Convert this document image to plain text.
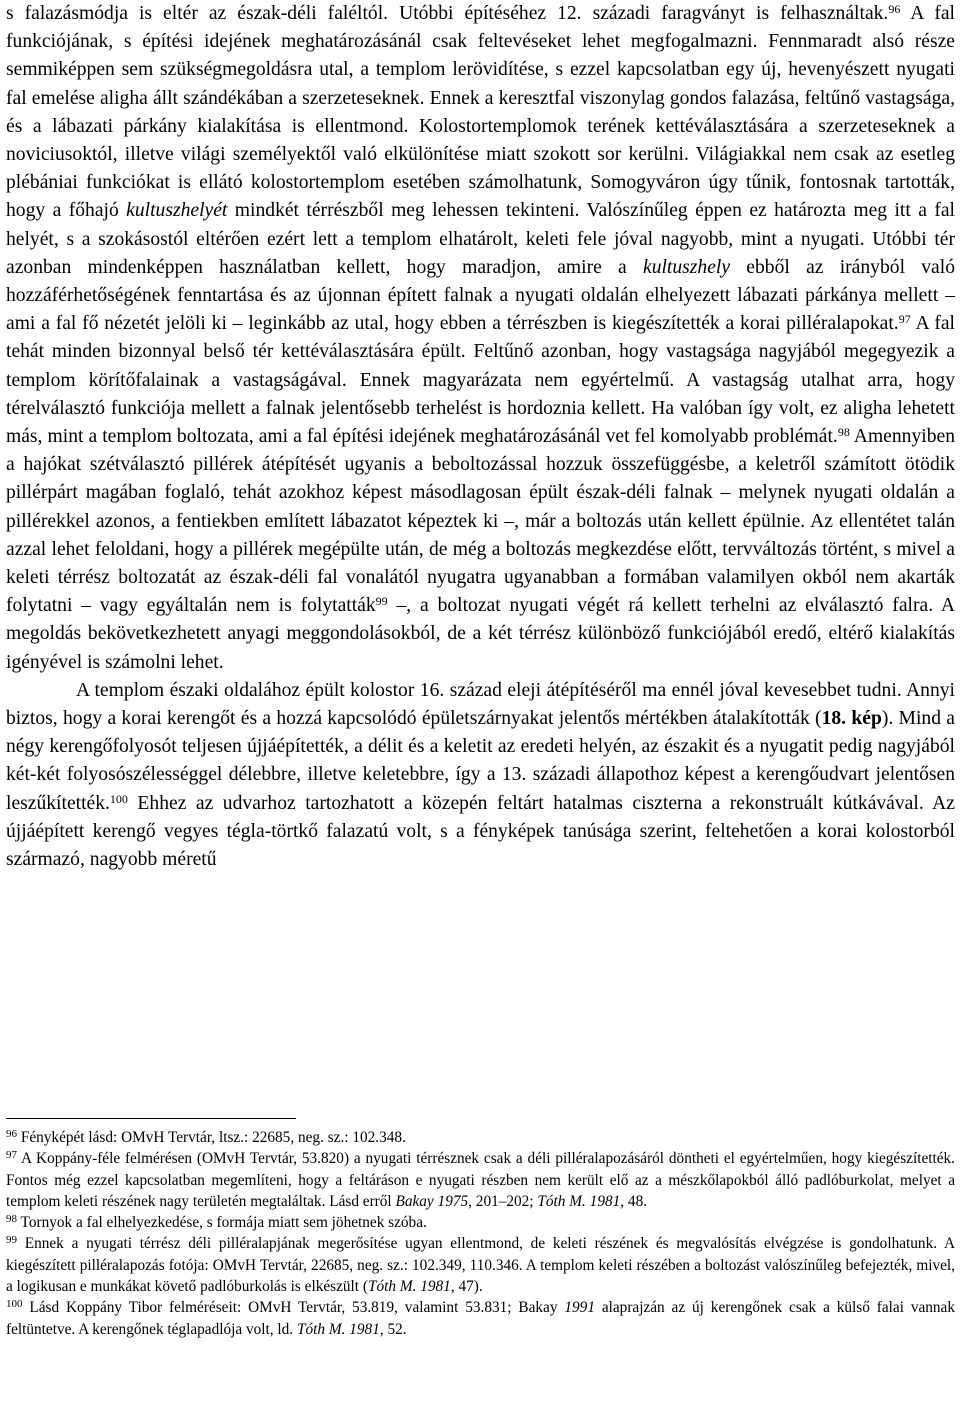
s falazásmódja is eltér az észak-déli faléltól. Utóbbi építéséhez 12. századi faragványt is felhasználtak.$^{96}$ A fal funkciójának, s építési idejének meghatározásánál csak feltevéseket lehet megfogalmazni. Fennmaradt alsó része semmiképpen sem szükségmegoldásra utal, a templom lerövidítése, s ezzel kapcsolatban egy új, hevenyészett nyugati fal emelése aligha állt szándékában a szerzeteseknek. Ennek a keresztfal viszonylag gondos falazása, feltűnő vastagsága, és a lábazati párkány kialakítása is ellentmond. Kolostortemplomok terének kettéválasztására a szerzeteseknek a noviciusoktól, illetve világi személyektől való elkülönítése miatt szokott sor kerülni. Világiakkal nem csak az esetleg plébániai funkciókat is ellátó kolostortemplom esetében számolhatunk, Somogyváron úgy tűnik, fontosnak tartották, hogy a főhajó kultuszhelyét mindkét térrészből meg lehessen tekinteni. Valószínűleg éppen ez határozta meg itt a fal helyét, s a szokásostól eltérően ezért lett a templom elhatárolt, keleti fele jóval nagyobb, mint a nyugati. Utóbbi tér azonban mindenképpen használatban kellett, hogy maradjon, amire a kultuszhely ebből az irányból való hozzáférhetőségének fenntartása és az újonnan épített falnak a nyugati oldalán elhelyezett lábazati párkánya mellett – ami a fal fő nézetét jelöli ki – leginkább az utal, hogy ebben a térrészben is kiegészítették a korai pilléralapokat.$^{97}$ A fal tehát minden bizonnyal belső tér kettéválasztására épült. Feltűnő azonban, hogy vastagsága nagyjából megegyezik a templom körítőfalainak a vastagságával. Ennek magyarázata nem egyértelmű. A vastagság utalhat arra, hogy térelválasztó funkciója mellett a falnak jelentősebb terhelést is hordoznia kellett. Ha valóban így volt, ez aligha lehetett más, mint a templom boltozata, ami a fal építési idejének meghatározásánál vet fel komolyabb problémát.$^{98}$ Amennyiben a hajókat szétválasztó pillérek átépítését ugyanis a beboltozással hozzuk összefüggésbe, a keletről számított ötödik pillérpárt magában foglaló, tehát azokhoz képest másodlagosan épült észak-déli falnak – melynek nyugati oldalán a pillérekkel azonos, a fentiekben említett lábazatot képeztek ki –, már a boltozás után kellett épülnie. Az ellentétet talán azzal lehet feloldani, hogy a pillérek megépülte után, de még a boltozás megkezdése előtt, tervváltozás történt, s mivel a keleti térrész boltozatát az észak-déli fal vonalától nyugatra ugyanabban a formában valamilyen okból nem akarták folytatni – vagy egyáltalán nem is folytatták$^{99}$ –, a boltozat nyugati végét rá kellett terhelni az elválasztó falra. A megoldás bekövetkezhetett anyagi meggondolásokból, de a két térrész különböző funkciójából eredő, eltérő kialakítás igényével is számolni lehet.

A templom északi oldalához épült kolostor 16. század eleji átépítéséről ma ennél jóval kevesebbet tudni. Annyi biztos, hogy a korai kerengőt és a hozzá kapcsolódó épületszárnyakat jelentős mértékben átalakították (18. kép). Mind a négy kerengőfolyosót teljesen újjáépítették, a délit és a keletit az eredeti helyén, az északit és a nyugatit pedig nagyjából két-két folyosószélességgel délebbre, illetve keletebbre, így a 13. századi állapothoz képest a kerengőudvart jelentősen leszűkítették.$^{100}$ Ehhez az udvarhoz tartozhatott a közepén feltárt hatalmas ciszterna a rekonstruált kútkávával. Az újjáépített kerengő vegyes tégla-törtkő falazatú volt, s a fényképek tanúsága szerint, feltehetően a korai kolostorból származó, nagyobb méretű

$^{96}$ Fényképét lásd: OMvH Tervtár, ltsz.: 22685, neg. sz.: 102.348.

$^{97}$ A Koppány-féle felmérésen (OMvH Tervtár, 53.820) a nyugati térrésznek csak a déli pilléralapozásáról döntheti el egyértelműen, hogy kiegészítették. Fontos még ezzel kapcsolatban megemlíteni, hogy a feltáráson e nyugati részben nem került elő az a mészkőlapokból álló padlóburkolat, melyet a templom keleti részének nagy területén megtaláltak. Lásd erről Bakay 1975, 201–202; Tóth M. 1981, 48.

$^{98}$ Tornyok a fal elhelyezkedése, s formája miatt sem jöhetnek szóba.

$^{99}$ Ennek a nyugati térrész déli pilléralapjának megerősítése ugyan ellentmond, de keleti részének és megvalósítás elvégzése is gondolhatunk. A kiegészített pilléralapozás fotója: OMvH Tervtár, 22685, neg. sz.: 102.349, 110.346. A templom keleti részében a boltozást valószínűleg befejezték, mivel, a logikusan e munkákat követő padlóburkolás is elkészült (Tóth M. 1981, 47).

$^{100}$ Lásd Koppány Tibor felméréseit: OMvH Tervtár, 53.819, valamint 53.831; Bakay 1991 alaprajzán az új kerengőnek csak a külső falai vannak feltüntetve. A kerengőnek téglapadlója volt, ld. Tóth M. 1981, 52.
